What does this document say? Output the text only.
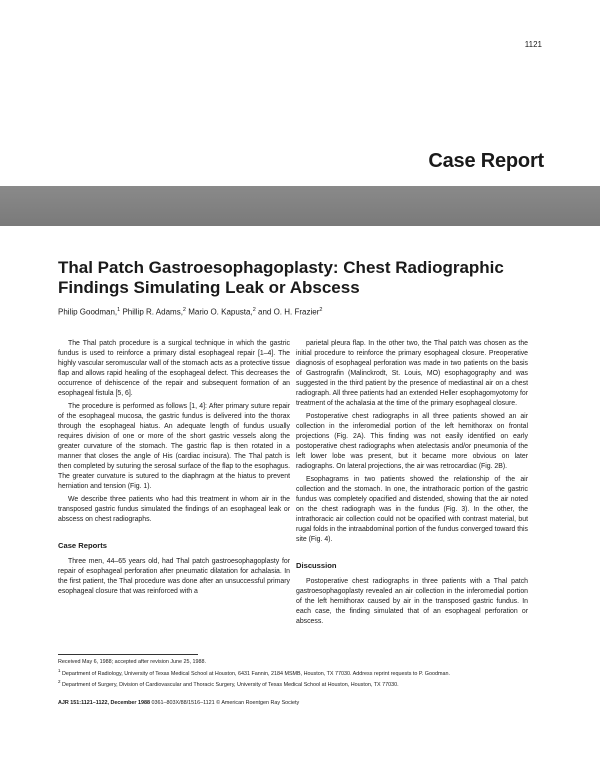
1121
Case Report
Thal Patch Gastroesophagoplasty: Chest Radiographic Findings Simulating Leak or Abscess
Philip Goodman,$^1$ Phillip R. Adams,$^2$ Mario O. Kapusta,$^2$ and O. H. Frazier$^2$

The Thal patch procedure is a surgical technique in which the gastric fundus is used to reinforce a primary distal esophageal repair [1–4]. The highly vascular seromuscular wall of the stomach acts as a protective tissue flap and allows rapid healing of the esophageal defect. This decreases the occurrence of dehiscence of the repair and subsequent formation of an esophageal fistula [5, 6].

The procedure is performed as follows [1, 4]: After primary suture repair of the esophageal mucosa, the gastric fundus is delivered into the thorax through the esophageal hiatus. An adequate length of fundus usually requires division of one or more of the short gastric vessels along the greater curvature of the stomach. The gastric flap is then rotated in a manner that closes the angle of His (cardiac incisura). The Thal patch is then completed by suturing the serosal surface of the flap to the esophagus. The greater curvature is sutured to the diaphragm at the hiatus to prevent herniation and tension (Fig. 1).

We describe three patients who had this treatment in whom air in the transposed gastric fundus simulated the findings of an esophageal leak or abscess on chest radiographs.

Case Reports

Three men, 44–65 years old, had Thal patch gastroesophagoplasty for repair of esophageal perforation after pneumatic dilatation for achalasia. In the first patient, the Thal procedure was done after an unsuccessful primary esophageal closure that was reinforced with a

parietal pleura flap. In the other two, the Thal patch was chosen as the initial procedure to reinforce the primary esophageal closure. Preoperative diagnosis of esophageal perforation was made in two patients on the basis of Gastrografin (Malinckrodt, St. Louis, MO) esophagography and was suggested in the third patient by the presence of mediastinal air on a chest radiograph. All three patients had an extended Heller esophagomyotomy for treatment of the achalasia at the time of the primary esophageal closure.

Postoperative chest radiographs in all three patients showed an air collection in the inferomedial portion of the left hemithorax on frontal projections (Fig. 2A). This finding was not easily identified on early postoperative chest radiographs when atelectasis and/or pneumonia of the left lower lobe was present, but it became more obvious on later radiographs. On lateral projections, the air was retrocardiac (Fig. 2B).

Esophagrams in two patients showed the relationship of the air collection and the stomach. In one, the intrathoracic portion of the gastric fundus was completely opacified and distended, showing that the air noted on the chest radiograph was in the fundus (Fig. 3). In the other, the intrathoracic air collection could not be opacified with contrast material, but rugal folds in the intraabdominal portion of the fundus converged toward this site (Fig. 4).

Discussion

Postoperative chest radiographs in three patients with a Thal patch gastroesophagoplasty revealed an air collection in the inferomedial portion of the left hemithorax caused by air in the transposed gastric fundus. In each case, the finding simulated that of an esophageal perforation or abscess.

Received May 6, 1988; accepted after revision June 25, 1988.

$^1$ Department of Radiology, University of Texas Medical School at Houston, 6431 Fannin, 2184 MSMB, Houston, TX 77030. Address reprint requests to P. Goodman.

$^2$ Department of Surgery, Division of Cardiovascular and Thoracic Surgery, University of Texas Medical School at Houston, Houston, TX 77030.

AJR 151:1121–1122, December 1988 0361–803X/88/1516–1121 © American Roentgen Ray Society
